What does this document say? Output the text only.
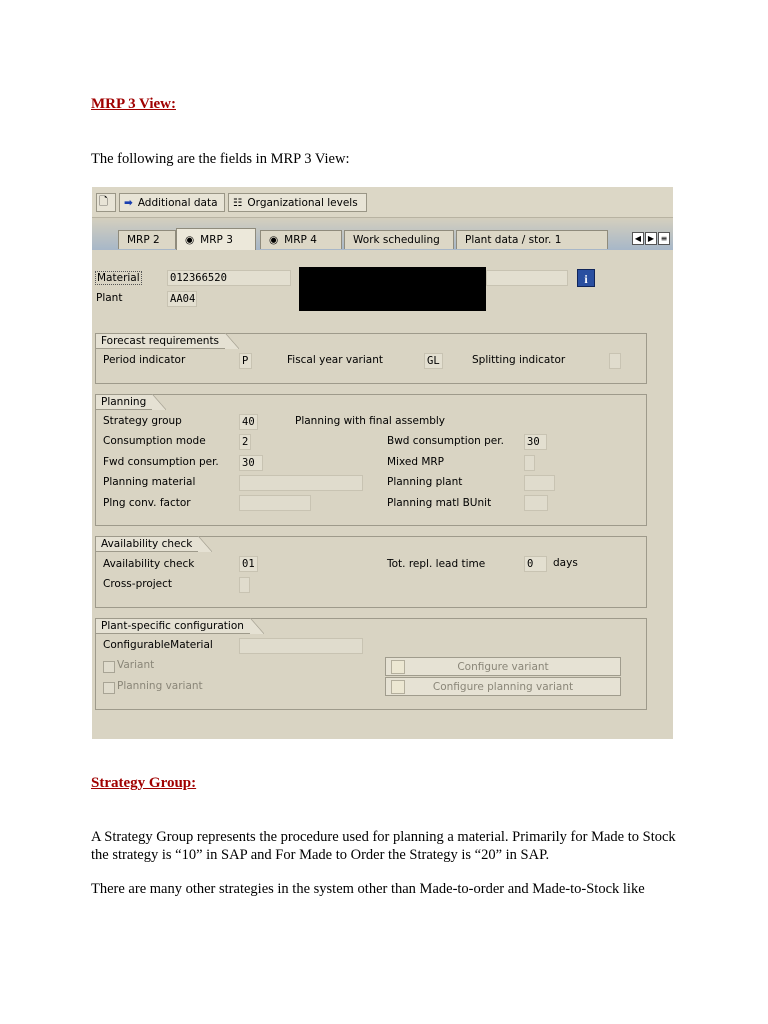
MRP 3 View:
The following are the fields in MRP 3 View:
🗋 ➡ Additional data ☷ Organizational levels
MRP 2 ◉ MRP 3	◉ MRP 4	Work scheduling Plant data / stor. 1	◀ ▶ ≡
Material	012366520	i
Plant	AA04
Forecast requirements
Period indicator	P	Fiscal year variant	GL	Splitting indicator
Planning
Strategy group	40	Planning with final assembly
Consumption mode	2	Bwd consumption per. 30
Fwd consumption per. 30	Mixed MRP
Planning material	Planning plant
Plng conv. factor	Planning matl BUnit
Availability check
Availability check	01	Tot. repl. lead time	0	days
Cross-project
Plant-specific configuration
ConfigurableMaterial
Variant	Configure variant
Planning variant	Configure planning variant
Strategy Group:
A Strategy Group represents the procedure used for planning a material. Primarily for Made to Stock the strategy is “10” in SAP and For Made to Order the Strategy is “20” in SAP.
There are many other strategies in the system other than Made-to-order and Made-to-Stock like
